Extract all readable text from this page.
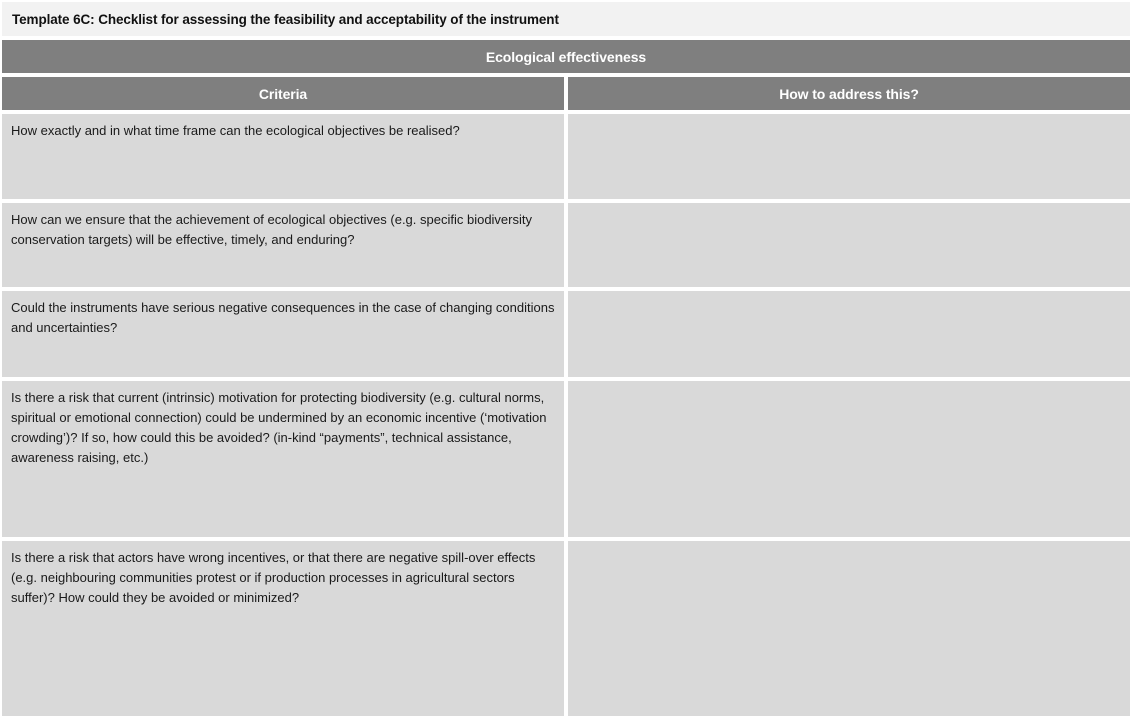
Template 6C: Checklist for assessing the feasibility and acceptability of the instrument
Ecological effectiveness
Criteria	How to address this?
How exactly and in what time frame can the ecological objectives be realised?
How can we ensure that the achievement of ecological objectives (e.g. specific biodiversity conservation targets) will be effective, timely, and enduring?
Could the instruments have serious negative consequences in the case of changing conditions and uncertainties?
Is there a risk that current (intrinsic) motivation for protecting biodiversity (e.g. cultural norms, spiritual or emotional connection) could be undermined by an economic incentive (‘motivation crowding’)? If so, how could this be avoided? (in-kind “payments”, technical assistance, awareness raising, etc.)
Is there a risk that actors have wrong incentives, or that there are negative spill-over effects (e.g. neighbouring communities protest or if production processes in agricultural sectors suffer)? How could they be avoided or minimized?
